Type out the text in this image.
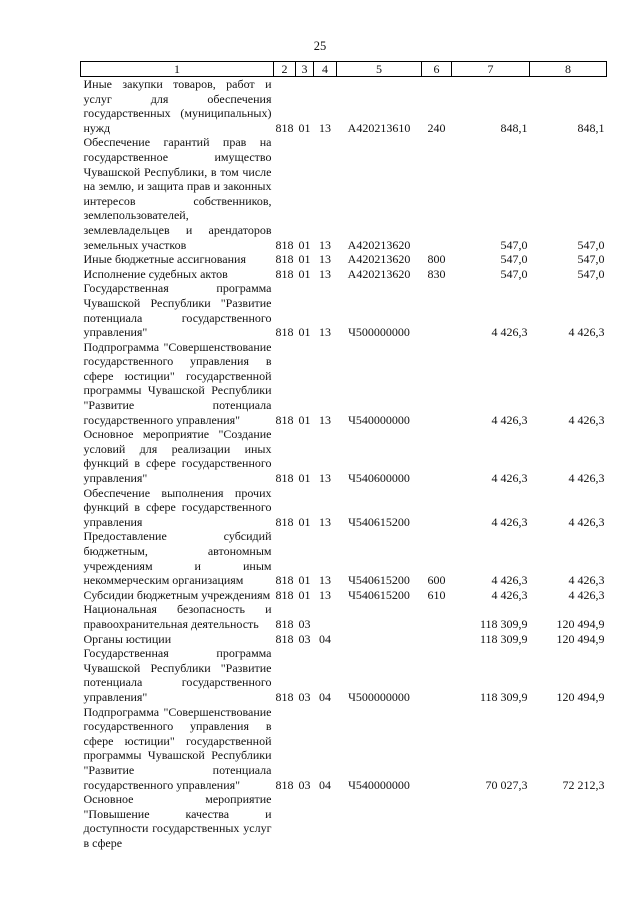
25
1	2	3	4	5	6	7	8
Иные закупки товаров, работ и услуг для обеспечения государственных (муниципальных) нужд	818	01	13	А420213610	240	848,1	848,1
Обеспечение гарантий прав на государственное имущество Чувашской Республики, в том числе на землю, и защита прав и законных интересов собственников, землепользователей, землевладельцев и арендаторов земельных участков	818	01	13	А420213620		547,0	547,0
Иные бюджетные ассигнования	818	01	13	А420213620	800	547,0	547,0
Исполнение судебных актов	818	01	13	А420213620	830	547,0	547,0
Государственная программа Чувашской Республики "Развитие потенциала государственного управления"	818	01	13	Ч500000000		4 426,3	4 426,3
Подпрограмма "Совершенствование государственного управления в сфере юстиции" государственной программы Чувашской Республики "Развитие потенциала государственного управления"	818	01	13	Ч540000000		4 426,3	4 426,3
Основное мероприятие "Создание условий для реализации иных функций в сфере государственного управления"	818	01	13	Ч540600000		4 426,3	4 426,3
Обеспечение выполнения прочих функций в сфере государственного управления	818	01	13	Ч540615200		4 426,3	4 426,3
Предоставление субсидий бюджетным, автономным учреждениям и иным некоммерческим организациям	818	01	13	Ч540615200	600	4 426,3	4 426,3
Субсидии бюджетным учреждениям	818	01	13	Ч540615200	610	4 426,3	4 426,3
Национальная безопасность и правоохранительная деятельность	818	03				118 309,9	120 494,9
Органы юстиции	818	03	04			118 309,9	120 494,9
Государственная программа Чувашской Республики "Развитие потенциала государственного управления"	818	03	04	Ч500000000		118 309,9	120 494,9
Подпрограмма "Совершенствование государственного управления в сфере юстиции" государственной программы Чувашской Республики "Развитие потенциала государственного управления"	818	03	04	Ч540000000		70 027,3	72 212,3
Основное мероприятие "Повышение качества и доступности государственных услуг в сфере							
